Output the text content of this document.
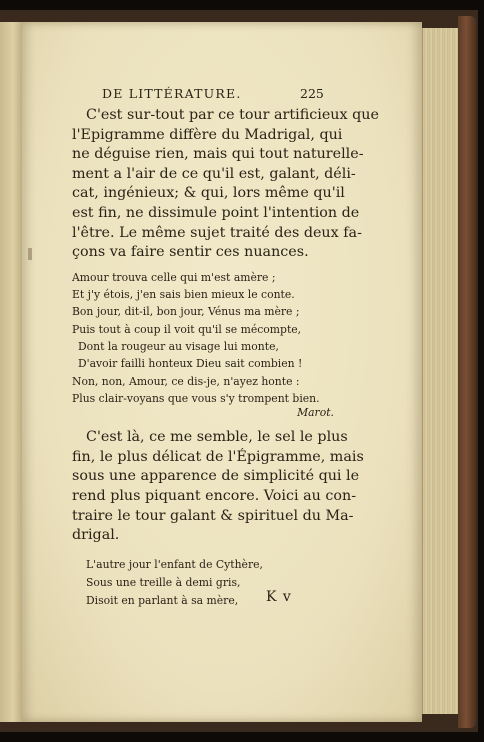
DE LITTÉRATURE.	225

C'est sur-tout par ce tour artificieux que
l'Epigramme diffère du Madrigal, qui
ne déguise rien, mais qui tout naturelle-
ment a l'air de ce qu'il est, galant, déli-
cat, ingénieux; & qui, lors même qu'il
est fin, ne dissimule point l'intention de
l'être. Le même sujet traité des deux fa-
çons va faire sentir ces nuances.

Amour trouva celle qui m'est amère ;
Et j'y étois, j'en sais bien mieux le conte.
Bon jour, dit-il, bon jour, Vénus ma mère ;
Puis tout à coup il voit qu'il se mécompte,
Dont la rougeur au visage lui monte,
D'avoir failli honteux Dieu sait combien !
Non, non, Amour, ce dis-je, n'ayez honte :
Plus clair-voyans que vous s'y trompent bien.
Marot.

C'est là, ce me semble, le sel le plus
fin, le plus délicat de l'Épigramme, mais
sous une apparence de simplicité qui le
rend plus piquant encore. Voici au con-
traire le tour galant & spirituel du Ma-
drigal.

L'autre jour l'enfant de Cythère,
Sous une treille à demi gris,
Disoit en parlant à sa mère,	K v
